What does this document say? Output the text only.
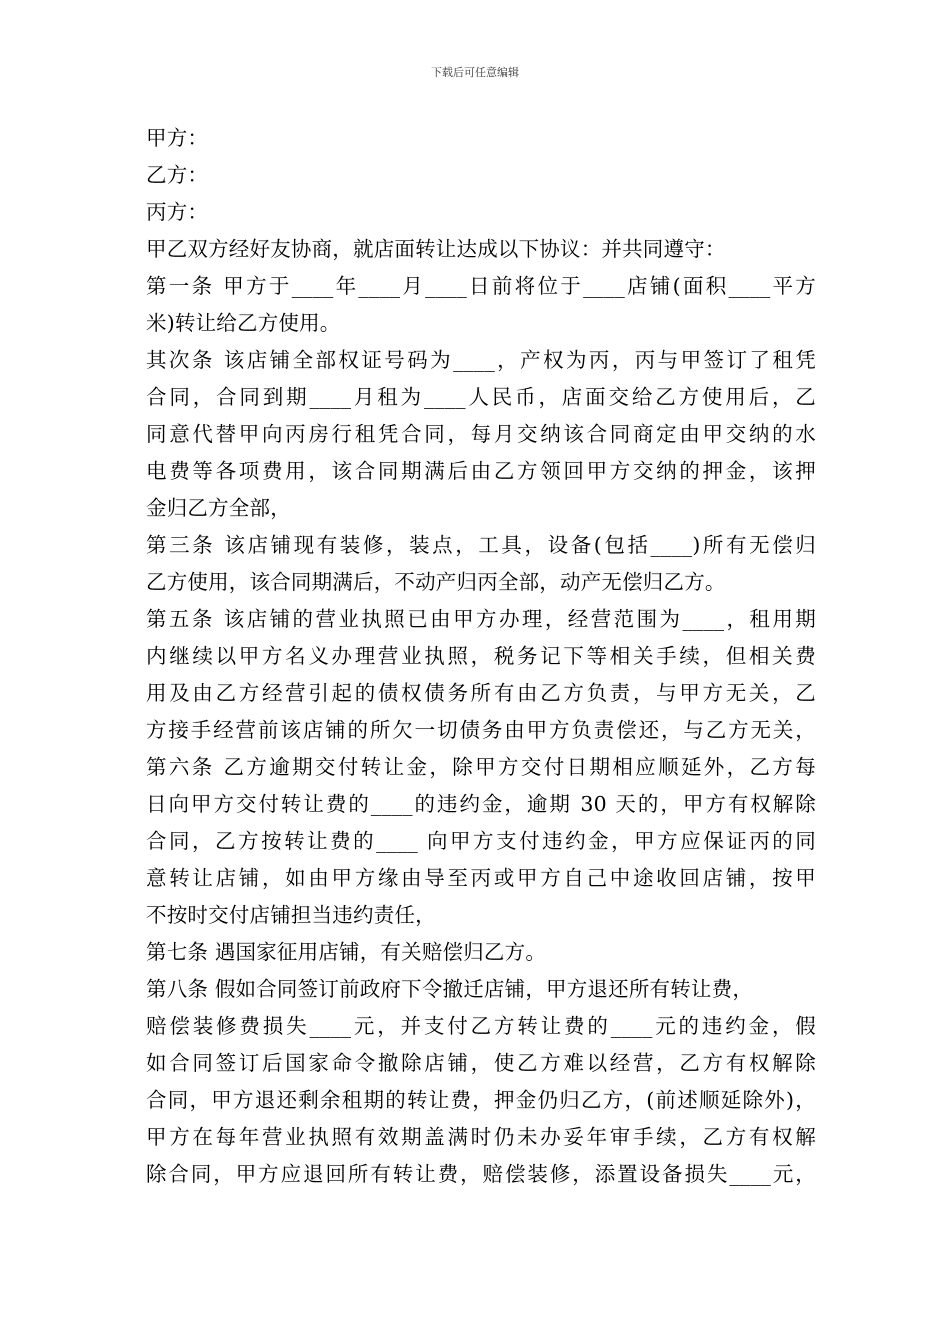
下载后可任意编辑
甲方：
乙方：
丙方：
甲乙双方经好友协商，就店面转让达成以下协议：并共同遵守：
第一条 甲方于____年____月____日前将位于____店铺(面积____平方
米)转让给乙方使用。
其次条 该店铺全部权证号码为____，产权为丙，丙与甲签订了租凭
合同，合同到期____月租为____人民币，店面交给乙方使用后，乙
同意代替甲向丙房行租凭合同，每月交纳该合同商定由甲交纳的水
电费等各项费用，该合同期满后由乙方领回甲方交纳的押金，该押
金归乙方全部，
第三条 该店铺现有装修，装点，工具，设备(包括____)所有无偿归
乙方使用，该合同期满后，不动产归丙全部，动产无偿归乙方。
第五条 该店铺的营业执照已由甲方办理，经营范围为____，租用期
内继续以甲方名义办理营业执照，税务记下等相关手续，但相关费
用及由乙方经营引起的债权债务所有由乙方负责，与甲方无关，乙
方接手经营前该店铺的所欠一切债务由甲方负责偿还，与乙方无关，
第六条 乙方逾期交付转让金，除甲方交付日期相应顺延外，乙方每
日向甲方交付转让费的____的违约金，逾期 30 天的，甲方有权解除
合同，乙方按转让费的____ 向甲方支付违约金，甲方应保证丙的同
意转让店铺，如由甲方缘由导至丙或甲方自己中途收回店铺，按甲
不按时交付店铺担当违约责任，
第七条 遇国家征用店铺，有关赔偿归乙方。
第八条 假如合同签订前政府下令撤迁店铺，甲方退还所有转让费，
赔偿装修费损失____元，并支付乙方转让费的____元的违约金，假
如合同签订后国家命令撤除店铺，使乙方难以经营，乙方有权解除
合同，甲方退还剩余租期的转让费，押金仍归乙方，(前述顺延除外)，
甲方在每年营业执照有效期盖满时仍未办妥年审手续，乙方有权解
除合同，甲方应退回所有转让费，赔偿装修，添置设备损失____元，
